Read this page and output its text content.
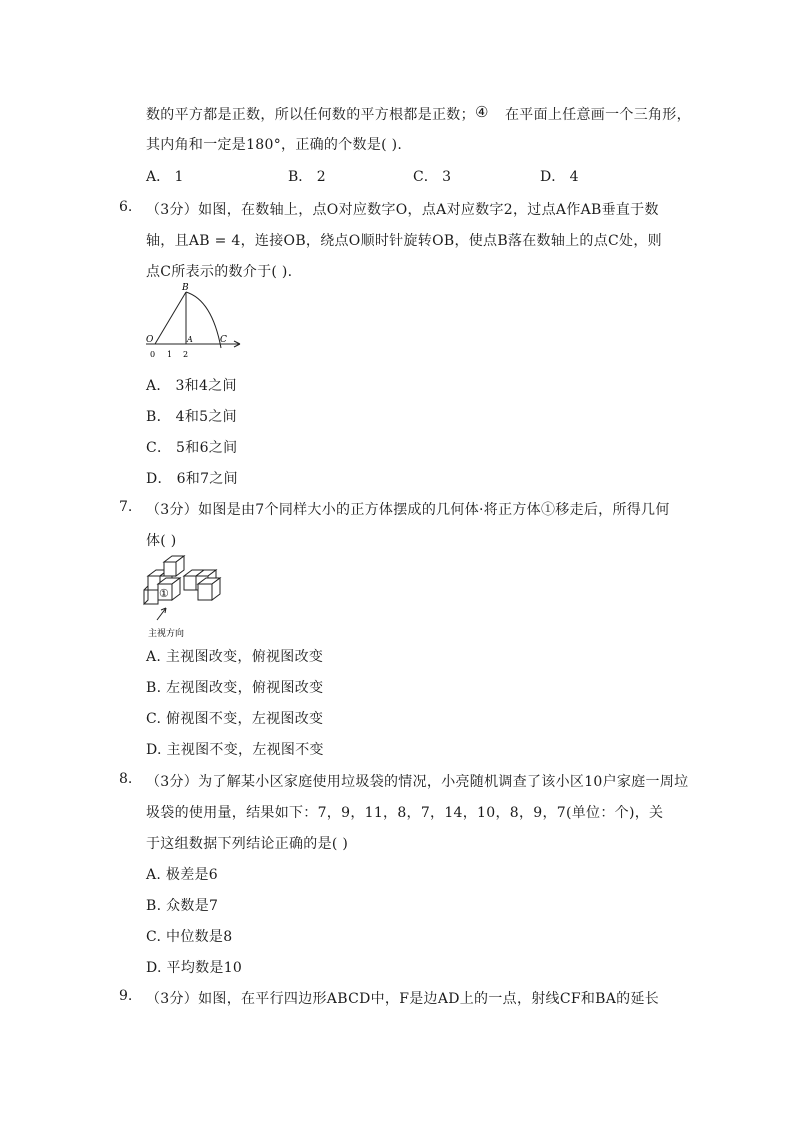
数的平方都是正数，所以任何数的平方根都是正数； ④ 在平面上任意画一个三角形，
其内角和一定是180°，正确的个数是( ).
A． 1	B． 2	C． 3	D． 4
6. （3分）如图，在数轴上，点O对应数字O，点A对应数字2，过点A作AB垂直于数
轴，且AB = 4，连接OB，绕点O顺时针旋转OB，使点B落在数轴上的点C处，则
点C所表示的数介于( ).
B
O	A	C
0 1 2
A． 3和4之间
B． 4和5之间
C． 5和6之间
D． 6和7之间
7. （3分）如图是由7个同样大小的正方体摆成的几何体·将正方体①移走后，所得几何
体( )
①
主视方向
A. 主视图改变，俯视图改变
B. 左视图改变，俯视图改变
C. 俯视图不变，左视图改变
D. 主视图不变，左视图不变
8. （3分）为了解某小区家庭使用垃圾袋的情况，小亮随机调查了该小区10户家庭一周垃
圾袋的使用量，结果如下：7，9，11，8，7，14，10，8，9，7(单位：个)，关
于这组数据下列结论正确的是( )
A. 极差是6
B. 众数是7
C. 中位数是8
D. 平均数是10
9. （3分）如图，在平行四边形ABCD中，F是边AD上的一点，射线CF和BA的延长
